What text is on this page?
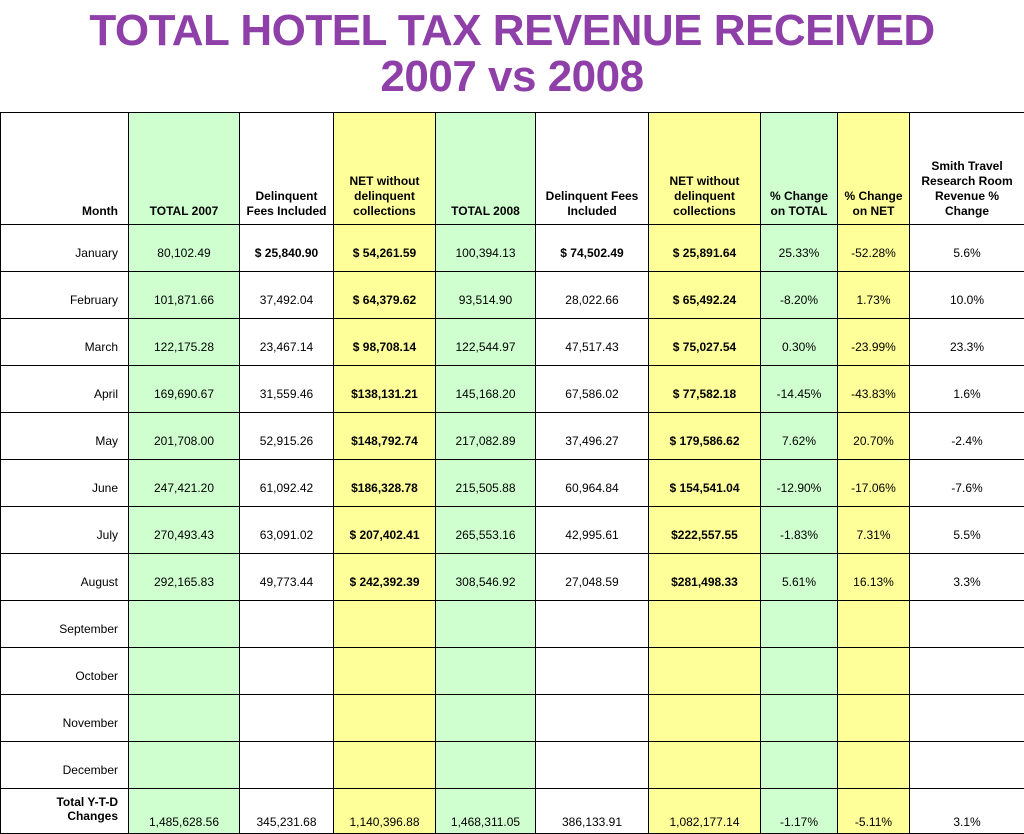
TOTAL HOTEL TAX REVENUE RECEIVED
2007 vs 2008
Month	TOTAL 2007	Delinquent Fees Included	NET without delinquent collections	TOTAL 2008	Delinquent Fees Included	NET without delinquent collections	% Change on TOTAL	% Change on NET	Smith Travel Research Room Revenue % Change
January	80,102.49	$ 25,840.90	$ 54,261.59	100,394.13	$ 74,502.49	$ 25,891.64	25.33%	-52.28%	5.6%
February	101,871.66	37,492.04	$ 64,379.62	93,514.90	28,022.66	$ 65,492.24	-8.20%	1.73%	10.0%
March	122,175.28	23,467.14	$ 98,708.14	122,544.97	47,517.43	$ 75,027.54	0.30%	-23.99%	23.3%
April	169,690.67	31,559.46	$138,131.21	145,168.20	67,586.02	$ 77,582.18	-14.45%	-43.83%	1.6%
May	201,708.00	52,915.26	$148,792.74	217,082.89	37,496.27	$ 179,586.62	7.62%	20.70%	-2.4%
June	247,421.20	61,092.42	$186,328.78	215,505.88	60,964.84	$ 154,541.04	-12.90%	-17.06%	-7.6%
July	270,493.43	63,091.02	$ 207,402.41	265,553.16	42,995.61	$222,557.55	-1.83%	7.31%	5.5%
August	292,165.83	49,773.44	$ 242,392.39	308,546.92	27,048.59	$281,498.33	5.61%	16.13%	3.3%
September									
October									
November									
December									
Total Y-T-D Changes	1,485,628.56	345,231.68	1,140,396.88	1,468,311.05	386,133.91	1,082,177.14	-1.17%	-5.11%	3.1%
